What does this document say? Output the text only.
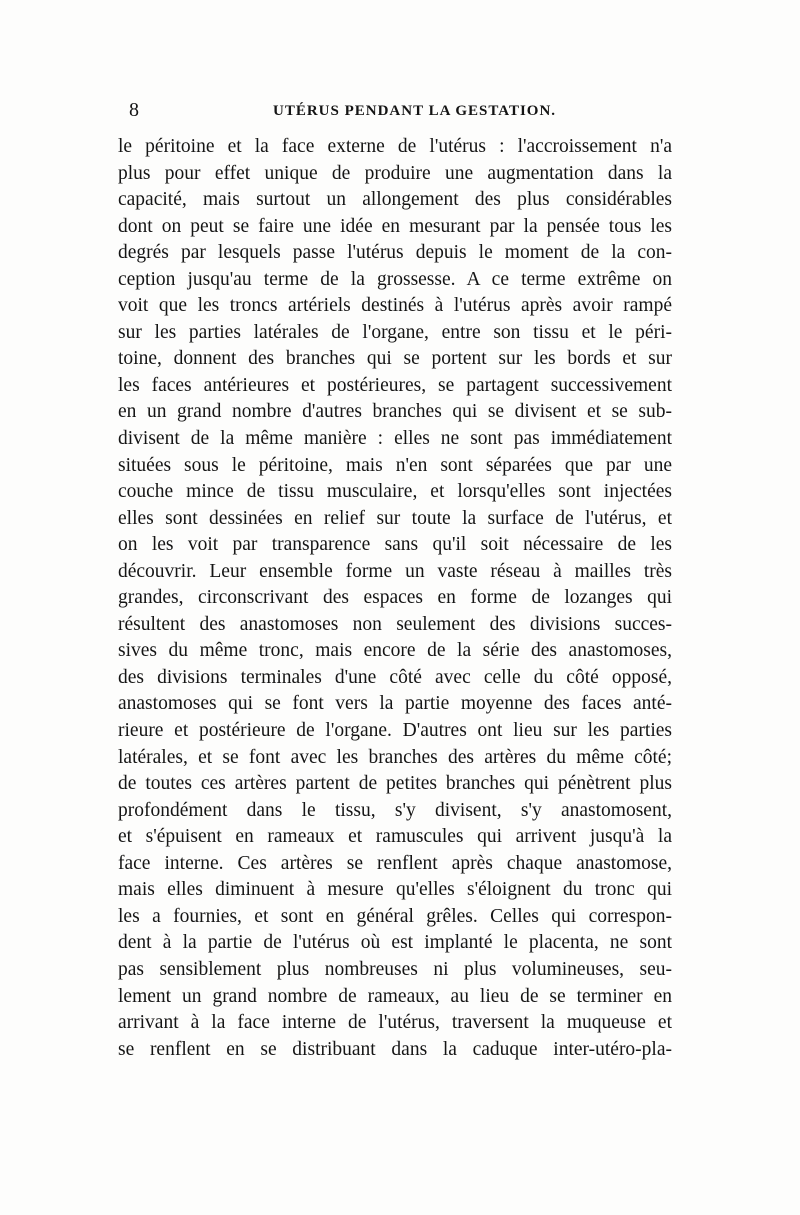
8	UTÉRUS PENDANT LA GESTATION.
le péritoine et la face externe de l'utérus : l'accroissement n'a
plus pour effet unique de produire une augmentation dans la
capacité, mais surtout un allongement des plus considérables
dont on peut se faire une idée en mesurant par la pensée tous les
degrés par lesquels passe l'utérus depuis le moment de la con-
ception jusqu'au terme de la grossesse. A ce terme extrême on
voit que les troncs artériels destinés à l'utérus après avoir rampé
sur les parties latérales de l'organe, entre son tissu et le péri-
toine, donnent des branches qui se portent sur les bords et sur
les faces antérieures et postérieures, se partagent successivement
en un grand nombre d'autres branches qui se divisent et se sub-
divisent de la même manière : elles ne sont pas immédiatement
situées sous le péritoine, mais n'en sont séparées que par une
couche mince de tissu musculaire, et lorsqu'elles sont injectées
elles sont dessinées en relief sur toute la surface de l'utérus, et
on les voit par transparence sans qu'il soit nécessaire de les
découvrir. Leur ensemble forme un vaste réseau à mailles très
grandes, circonscrivant des espaces en forme de lozanges qui
résultent des anastomoses non seulement des divisions succes-
sives du même tronc, mais encore de la série des anastomoses,
des divisions terminales d'une côté avec celle du côté opposé,
anastomoses qui se font vers la partie moyenne des faces anté-
rieure et postérieure de l'organe. D'autres ont lieu sur les parties
latérales, et se font avec les branches des artères du même côté;
de toutes ces artères partent de petites branches qui pénètrent plus
profondément dans le tissu, s'y divisent, s'y anastomosent,
et s'épuisent en rameaux et ramuscules qui arrivent jusqu'à la
face interne. Ces artères se renflent après chaque anastomose,
mais elles diminuent à mesure qu'elles s'éloignent du tronc qui
les a fournies, et sont en général grêles. Celles qui correspon-
dent à la partie de l'utérus où est implanté le placenta, ne sont
pas sensiblement plus nombreuses ni plus volumineuses, seu-
lement un grand nombre de rameaux, au lieu de se terminer en
arrivant à la face interne de l'utérus, traversent la muqueuse et
se renflent en se distribuant dans la caduque inter-utéro-pla-
